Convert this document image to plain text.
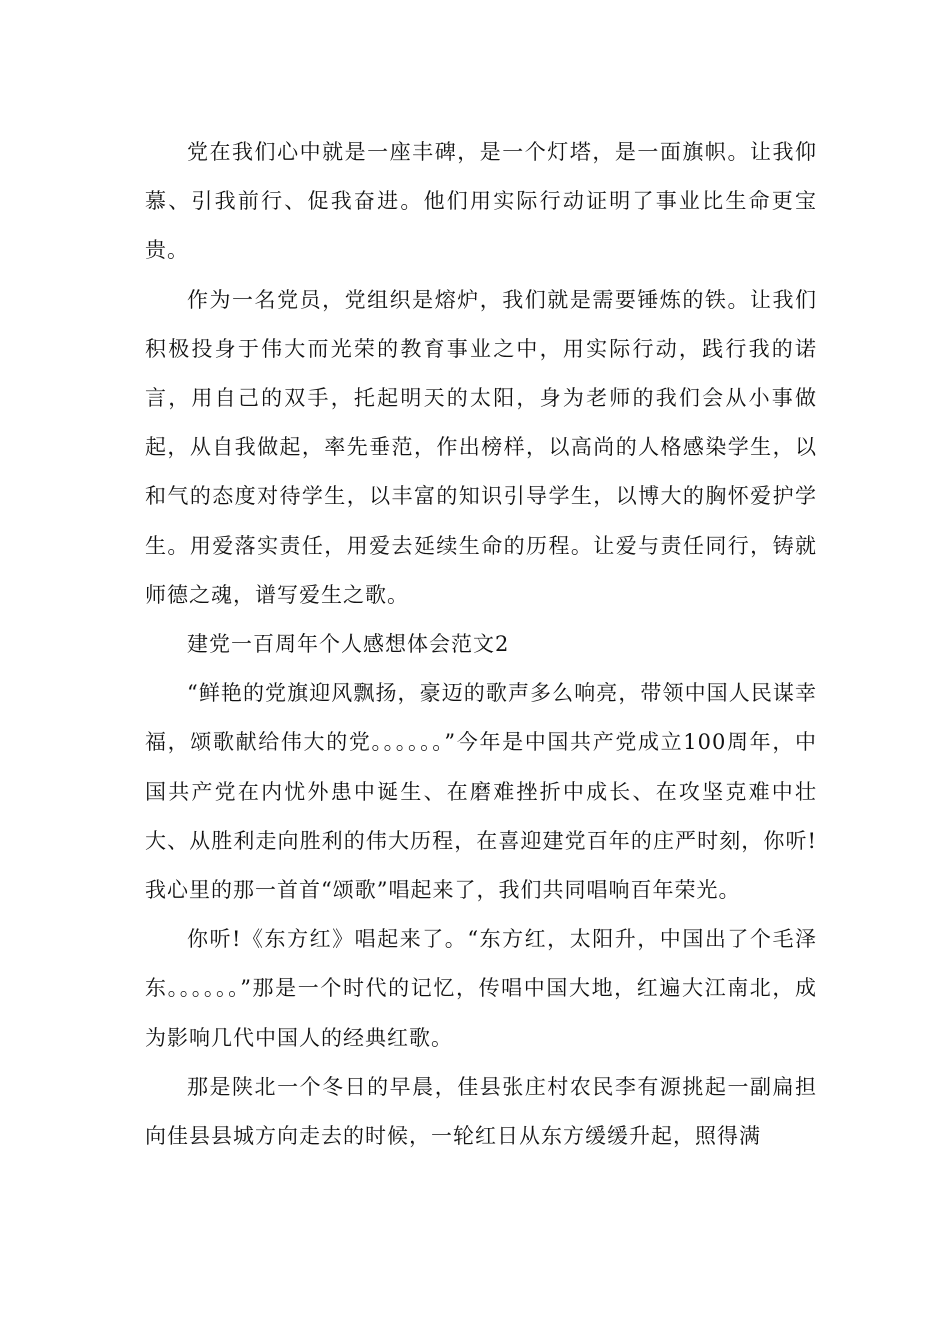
党在我们心中就是一座丰碑，是一个灯塔，是一面旗帜。让我仰慕、引我前行、促我奋进。他们用实际行动证明了事业比生命更宝贵。

作为一名党员，党组织是熔炉，我们就是需要锤炼的铁。让我们积极投身于伟大而光荣的教育事业之中，用实际行动，践行我的诺言，用自己的双手，托起明天的太阳，身为老师的我们会从小事做起，从自我做起，率先垂范，作出榜样，以高尚的人格感染学生，以和气的态度对待学生，以丰富的知识引导学生，以博大的胸怀爱护学生。用爱落实责任，用爱去延续生命的历程。让爱与责任同行，铸就师德之魂，谱写爱生之歌。

建党一百周年个人感想体会范文2

“鲜艳的党旗迎风飘扬，豪迈的歌声多么响亮，带领中国人民谋幸福，颂歌献给伟大的党。。。。。。”今年是中国共产党成立100周年，中国共产党在内忧外患中诞生、在磨难挫折中成长、在攻坚克难中壮大、从胜利走向胜利的伟大历程，在喜迎建党百年的庄严时刻，你听!我心里的那一首首“颂歌”唱起来了，我们共同唱响百年荣光。

你听!《东方红》唱起来了。“东方红，太阳升，中国出了个毛泽东。。。。。。”那是一个时代的记忆，传唱中国大地，红遍大江南北，成为影响几代中国人的经典红歌。

那是陕北一个冬日的早晨，佳县张庄村农民李有源挑起一副扁担向佳县县城方向走去的时候，一轮红日从东方缓缓升起，照得满
